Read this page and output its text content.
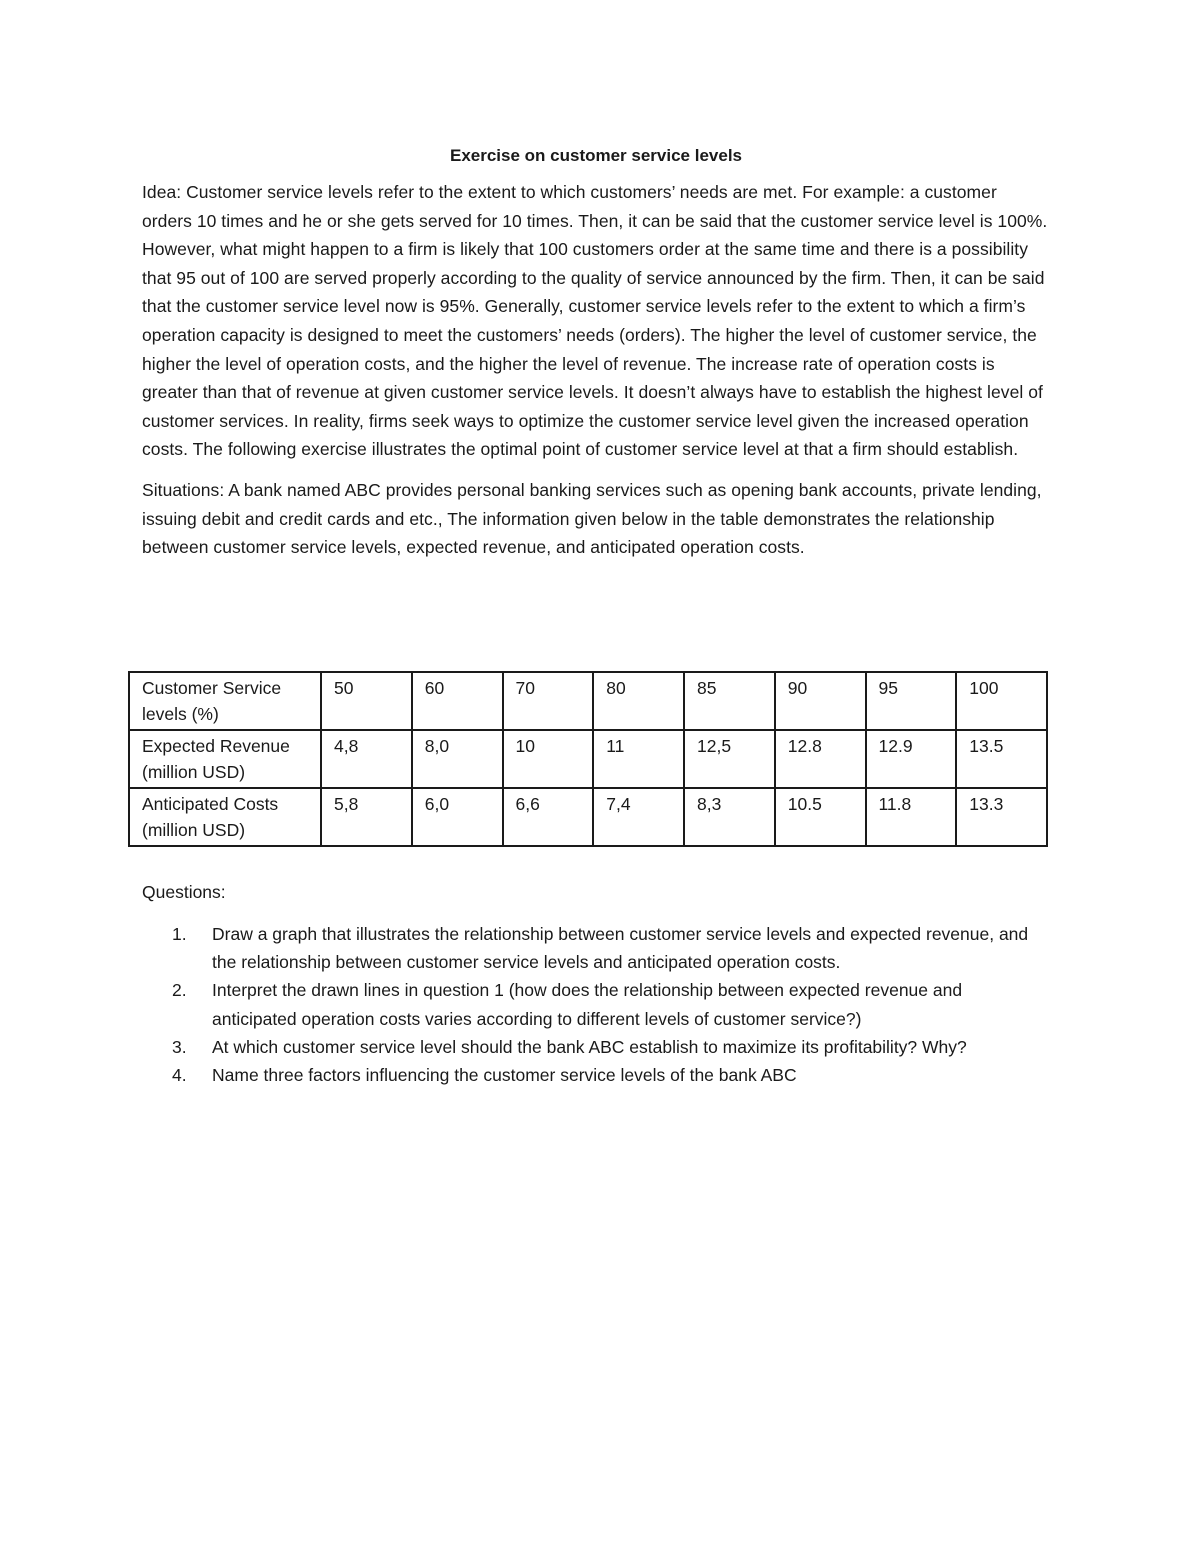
Exercise on customer service levels

Idea: Customer service levels refer to the extent to which customers’ needs are met. For example: a customer orders 10 times and he or she gets served for 10 times. Then, it can be said that the customer service level is 100%. However, what might happen to a firm is likely that 100 customers order at the same time and there is a possibility that 95 out of 100 are served properly according to the quality of service announced by the firm. Then, it can be said that the customer service level now is 95%. Generally, customer service levels refer to the extent to which a firm’s operation capacity is designed to meet the customers’ needs (orders). The higher the level of customer service, the higher the level of operation costs, and the higher the level of revenue. The increase rate of operation costs is greater than that of revenue at given customer service levels. It doesn’t always have to establish the highest level of customer services. In reality, firms seek ways to optimize the customer service level given the increased operation costs. The following exercise illustrates the optimal point of customer service level at that a firm should establish.

Situations: A bank named ABC provides personal banking services such as opening bank accounts, private lending, issuing debit and credit cards and etc., The information given below in the table demonstrates the relationship between customer service levels, expected revenue, and anticipated operation costs.

Customer Service levels (%)	50	60	70	80	85	90	95	100
Expected Revenue (million USD)	4,8	8,0	10	11	12,5	12.8	12.9	13.5
Anticipated Costs (million USD)	5,8	6,0	6,6	7,4	8,3	10.5	11.8	13.3
Questions:
1. Draw a graph that illustrates the relationship between customer service levels and expected revenue, and the relationship between customer service levels and anticipated operation costs.
2. Interpret the drawn lines in question 1 (how does the relationship between expected revenue and anticipated operation costs varies according to different levels of customer service?)
3. At which customer service level should the bank ABC establish to maximize its profitability? Why?
4. Name three factors influencing the customer service levels of the bank ABC
